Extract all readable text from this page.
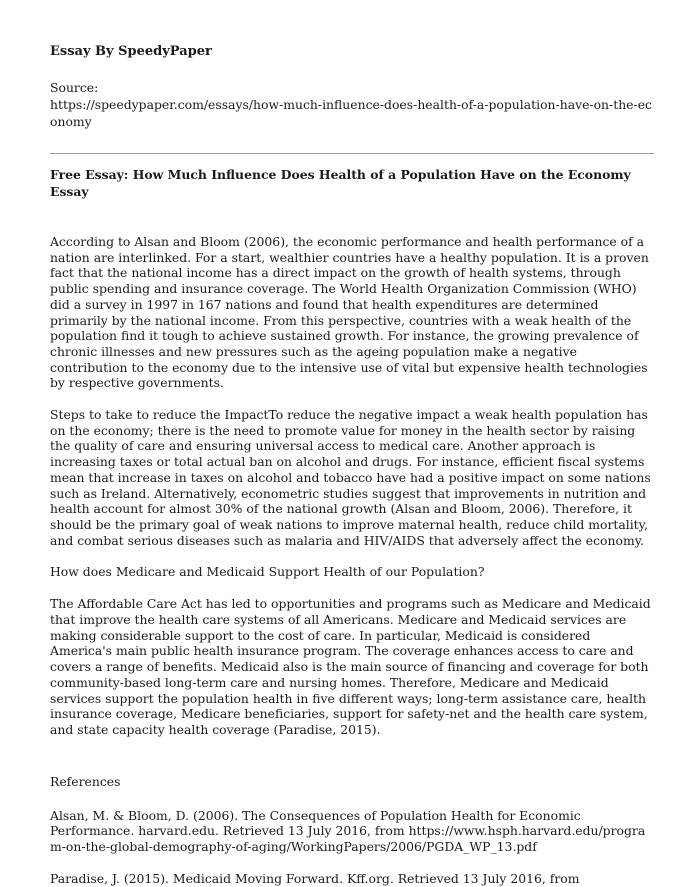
Essay By SpeedyPaper

Source:

https://speedypaper.com/essays/how-much-influence-does-health-of-a-population-have-on-the-economy

Free Essay: How Much Influence Does Health of a Population Have on the Economy Essay

According to Alsan and Bloom (2006), the economic performance and health performance of a nation are interlinked. For a start, wealthier countries have a healthy population. It is a proven fact that the national income has a direct impact on the growth of health systems, through public spending and insurance coverage. The World Health Organization Commission (WHO) did a survey in 1997 in 167 nations and found that health expenditures are determined primarily by the national income. From this perspective, countries with a weak health of the population find it tough to achieve sustained growth. For instance, the growing prevalence of chronic illnesses and new pressures such as the ageing population make a negative contribution to the economy due to the intensive use of vital but expensive health technologies by respective governments.

Steps to take to reduce the ImpactTo reduce the negative impact a weak health population has on the economy; there is the need to promote value for money in the health sector by raising the quality of care and ensuring universal access to medical care. Another approach is increasing taxes or total actual ban on alcohol and drugs. For instance, efficient fiscal systems mean that increase in taxes on alcohol and tobacco have had a positive impact on some nations such as Ireland. Alternatively, econometric studies suggest that improvements in nutrition and health account for almost 30% of the national growth (Alsan and Bloom, 2006). Therefore, it should be the primary goal of weak nations to improve maternal health, reduce child mortality, and combat serious diseases such as malaria and HIV/AIDS that adversely affect the economy.

How does Medicare and Medicaid Support Health of our Population?

The Affordable Care Act has led to opportunities and programs such as Medicare and Medicaid that improve the health care systems of all Americans. Medicare and Medicaid services are making considerable support to the cost of care. In particular, Medicaid is considered America's main public health insurance program. The coverage enhances access to care and covers a range of benefits. Medicaid also is the main source of financing and coverage for both community-based long-term care and nursing homes. Therefore, Medicare and Medicaid services support the population health in five different ways; long-term assistance care, health insurance coverage, Medicare beneficiaries, support for safety-net and the health care system, and state capacity health coverage (Paradise, 2015).

References

Alsan, M. & Bloom, D. (2006). The Consequences of Population Health for Economic Performance. harvard.edu. Retrieved 13 July 2016, from https://www.hsph.harvard.edu/program-on-the-global-demography-of-aging/WorkingPapers/2006/PGDA_WP_13.pdf

Paradise, J. (2015). Medicaid Moving Forward. Kff.org. Retrieved 13 July 2016, from
